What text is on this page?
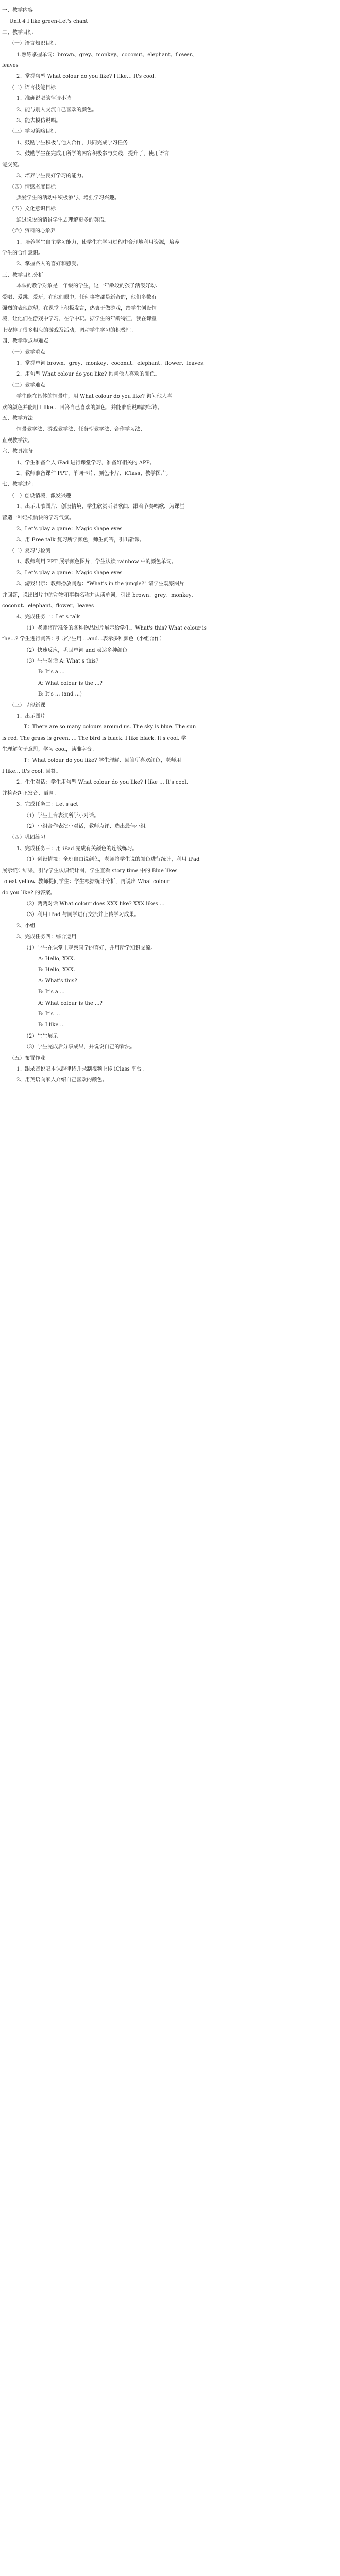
一、教学内容

Unit 4 I like green-Let's chant

二、教学目标

（一）语言知识目标

1.熟练掌握单词：brown、grey、monkey、coconut、elephant、flower、

leaves

2、掌握句型 What colour do you like? I like… It's cool.

（二）语言技能目标

1、准确说唱韵律诗小诗

2、能与别人交流自己喜欢的颜色。

3、能去模仿说唱。

（三）学习策略目标

1、鼓励学生积极与他人合作，共同完成学习任务

2、鼓励学生在完成用所学的内容积极参与实践，提升了，使用语言

能交流。

3、培养学生良好学习的能力。

（四）情感态度目标

热爱学生的活动中积极参与、增强学习兴趣。

（五）文化意识目标

通过说说的情景学生去理解更多的英语。

（六）资料的心象养

1、培养学生自主学习能力，使学生在学习过程中合理地利用资源，培养

学生的合作意识。

2、掌握各人的喜好和感受。

三、教学目标分析

本课的教学对象是一年级的学生，这一年龄段的孩子活泼好动、

爱唱、爱跳、爱玩，在他们眼中，任何事物都是新奇的，他们多数有

强烈的表现欲望，在课堂上积极发言，热衷于做游戏，给学生创设情

境，让他们在游戏中学习，在学中玩。据学生的年龄特征，我在课堂

上安排了很多相应的游戏及活动，调动学生学习的积极性。

四、教学重点与难点

（一）教学重点

1、掌握单词 brown、grey、monkey、coconut、elephant、flower、leaves。

2、用句型 What colour do you like? 询问他人喜欢的颜色。

（二）教学难点

学生能在具体的情景中，用 What colour do you like? 询问他人喜

欢的颜色并能用 I like... 回答自己喜欢的颜色，并能准确说唱韵律诗。

五、教学方法

情景教学法、游戏教学法、任务型教学法、合作学习法、

直观教学法。

六、教具准备

1、学生准备个人 iPad 进行课堂学习，准备好相关的 APP。

2、教师准备课件 PPT、单词卡片、颜色卡片、iClass、教学图片。

七、教学过程

（一）创设情境，激发兴趣

1、出示儿歌图片，创设情境，学生欣赏听唱歌曲，跟着节奏唱歌，为课堂

营造一种轻松愉快的学习气氛。

2、Let's play a game：Magic shape eyes

3、用 Free talk 复习所学颜色，师生问答，引出新课。

（二）复习与检测

1、教师利用 PPT 展示颜色图片，学生认读 rainbow 中的颜色单词。

2、Let's play a game：Magic shape eyes

3、游戏出示：教师播放问题："What's in the jungle?" 请学生观察图片

并回答，说出图片中的动物和事物名称并认读单词，引出 brown、grey、monkey、

coconut、elephant、flower、leaves

4、完成任务一：Let's talk

（1）老师将所准备的各种物品图片展示给学生。What's this? What colour is

the...? 学生进行问答：引导学生用 ...and...表示多种颜色（小组合作）

（2）快速反应，巩固单词 and 表达多种颜色

（3）生生对话 A: What's this?

B: It's a ...

A: What colour is the ...?

B: It's ... (and ...)

（三）呈现新课

1、出示图片

T：There are so many colours around us. The sky is blue. The sun

is red. The grass is green. ... The bird is black. I like black. It's cool. 学

生理解句子意思，学习 cool，读准字音。

T：What colour do you like? 学生理解、回答所喜欢颜色，老师用

I like... It's cool. 回答。

2、生生对话：学生用句型 What colour do you like? I like ... It's cool.

并检查纠正发音、语调。

3、完成任务二：Let's act

（1）学生上台表演所学小对话。

（2）小组合作表演小对话，教师点评、选出最佳小组。

（四）巩固练习

1、完成任务三：用 iPad 完成有关颜色的连线练习。

（1）创设情境：全班自由说颜色，老师将学生说的颜色进行统计，利用 iPad

展示统计结果，引导学生认识统计图，学生查看 story time 中的 Blue likes

to eat yellow. 教师提问学生：学生根据统计分析，再说出 What colour

do you like? 的答案。

（2）两两对话 What colour does XXX like? XXX likes ...

（3）利用 iPad 与同学进行交流并上传学习成果。

2、小组

3、完成任务四：综合运用

（1）学生在课堂上观察同学的喜好，并用所学知识交流。

A: Hello, XXX.

B: Hello, XXX.

A: What's this?

B: It's a ...

A: What colour is the ...?

B: It's ...

B: I like ...

（2）生生展示

（3）学生完成后分享成果，并说说自己的看法。

（五）布置作业

1、跟录音说唱本课韵律诗并录制视频上传 iClass 平台。

2、用英语向家人介绍自己喜欢的颜色。
